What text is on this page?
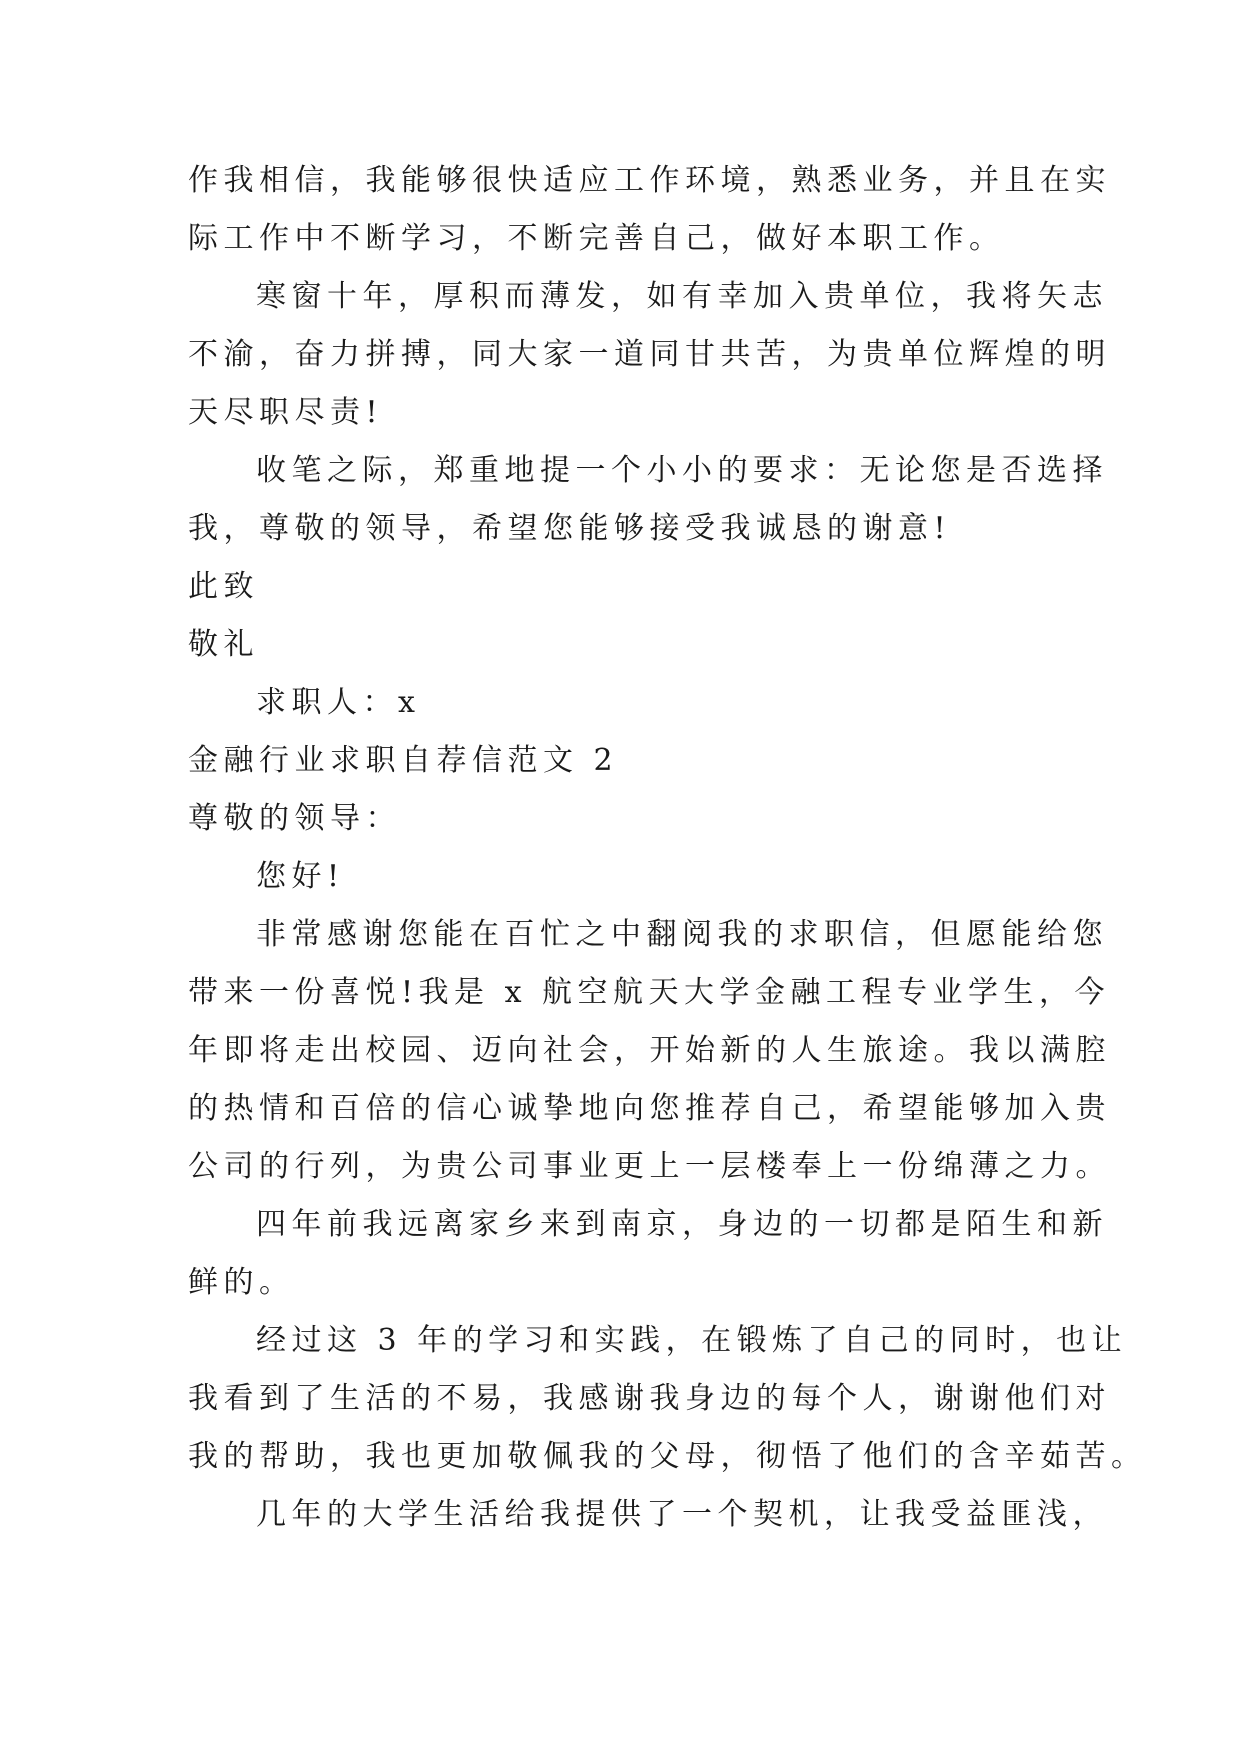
作我相信，我能够很快适应工作环境，熟悉业务，并且在实
际工作中不断学习，不断完善自己，做好本职工作。
寒窗十年，厚积而薄发，如有幸加入贵单位，我将矢志
不渝，奋力拼搏，同大家一道同甘共苦，为贵单位辉煌的明
天尽职尽责!
收笔之际，郑重地提一个小小的要求：无论您是否选择
我，尊敬的领导，希望您能够接受我诚恳的谢意!
此致
敬礼
求职人：x
金融行业求职自荐信范文 2
尊敬的领导：
您好!
非常感谢您能在百忙之中翻阅我的求职信，但愿能给您
带来一份喜悦!我是 x 航空航天大学金融工程专业学生，今
年即将走出校园、迈向社会，开始新的人生旅途。我以满腔
的热情和百倍的信心诚挚地向您推荐自己，希望能够加入贵
公司的行列，为贵公司事业更上一层楼奉上一份绵薄之力。
四年前我远离家乡来到南京，身边的一切都是陌生和新
鲜的。
经过这 3 年的学习和实践，在锻炼了自己的同时，也让
我看到了生活的不易，我感谢我身边的每个人，谢谢他们对
我的帮助，我也更加敬佩我的父母，彻悟了他们的含辛茹苦。
几年的大学生活给我提供了一个契机，让我受益匪浅，
